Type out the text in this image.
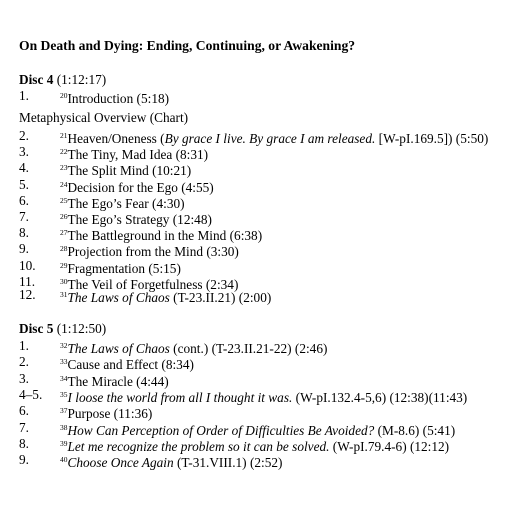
On Death and Dying: Ending, Continuing, or Awakening?
Disc 4 (1:12:17)
1.	$^{20}$Introduction (5:18)
Metaphysical Overview (Chart)
2.	$^{21}$Heaven/Oneness (By grace I live. By grace I am released. [W-pI.169.5]) (5:50)
3.	$^{22}$The Tiny, Mad Idea (8:31)
4.	$^{23}$The Split Mind (10:21)
5.	$^{24}$Decision for the Ego (4:55)
6.	$^{25}$The Ego’s Fear (4:30)
7.	$^{26}$The Ego’s Strategy (12:48)
8.	$^{27}$The Battleground in the Mind (6:38)
9.	$^{28}$Projection from the Mind (3:30)
10.	$^{29}$Fragmentation (5:15)
11.	$^{30}$The Veil of Forgetfulness (2:34)
12.	$^{31}$The Laws of Chaos (T-23.II.21) (2:00)
Disc 5 (1:12:50)
1.	$^{32}$The Laws of Chaos (cont.) (T-23.II.21-22) (2:46)
2.	$^{33}$Cause and Effect (8:34)
3.	$^{34}$The Miracle (4:44)
4–5. $^{35}$I loose the world from all I thought it was. (W-pI.132.4-5,6) (12:38)(11:43)
6.	$^{37}$Purpose (11:36)
7.	$^{38}$How Can Perception of Order of Difficulties Be Avoided? (M-8.6) (5:41)
8.	$^{39}$Let me recognize the problem so it can be solved. (W-pI.79.4-6) (12:12)
9.	$^{40}$Choose Once Again (T-31.VIII.1) (2:52)
